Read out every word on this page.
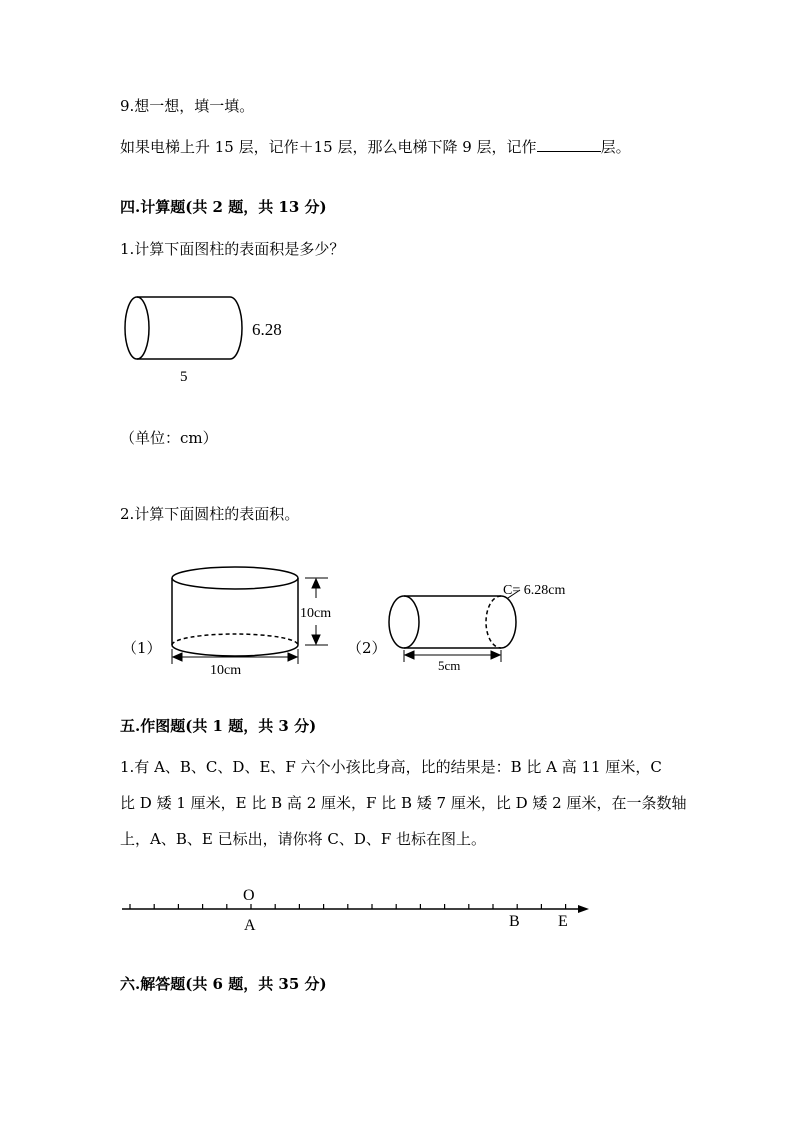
9.想一想，填一填。
如果电梯上升 15 层，记作＋15 层，那么电梯下降 9 层，记作	层。
四.计算题(共 2 题，共 13 分)
1.计算下面图柱的表面积是多少？
6.28
5
（单位：cm）
2.计算下面圆柱的表面积。
（1）	（2）
10cm
10cm
C= 6.28cm
5cm
五.作图题(共 1 题，共 3 分)
1.有 A、B、C、D、E、F 六个小孩比身高，比的结果是：B 比 A 高 11 厘米，C
比 D 矮 1 厘米，E 比 B 高 2 厘米，F 比 B 矮 7 厘米，比 D 矮 2 厘米，在一条数轴
上，A、B、E 已标出，请你将 C、D、F 也标在图上。
O
A	B E
六.解答题(共 6 题，共 35 分)
